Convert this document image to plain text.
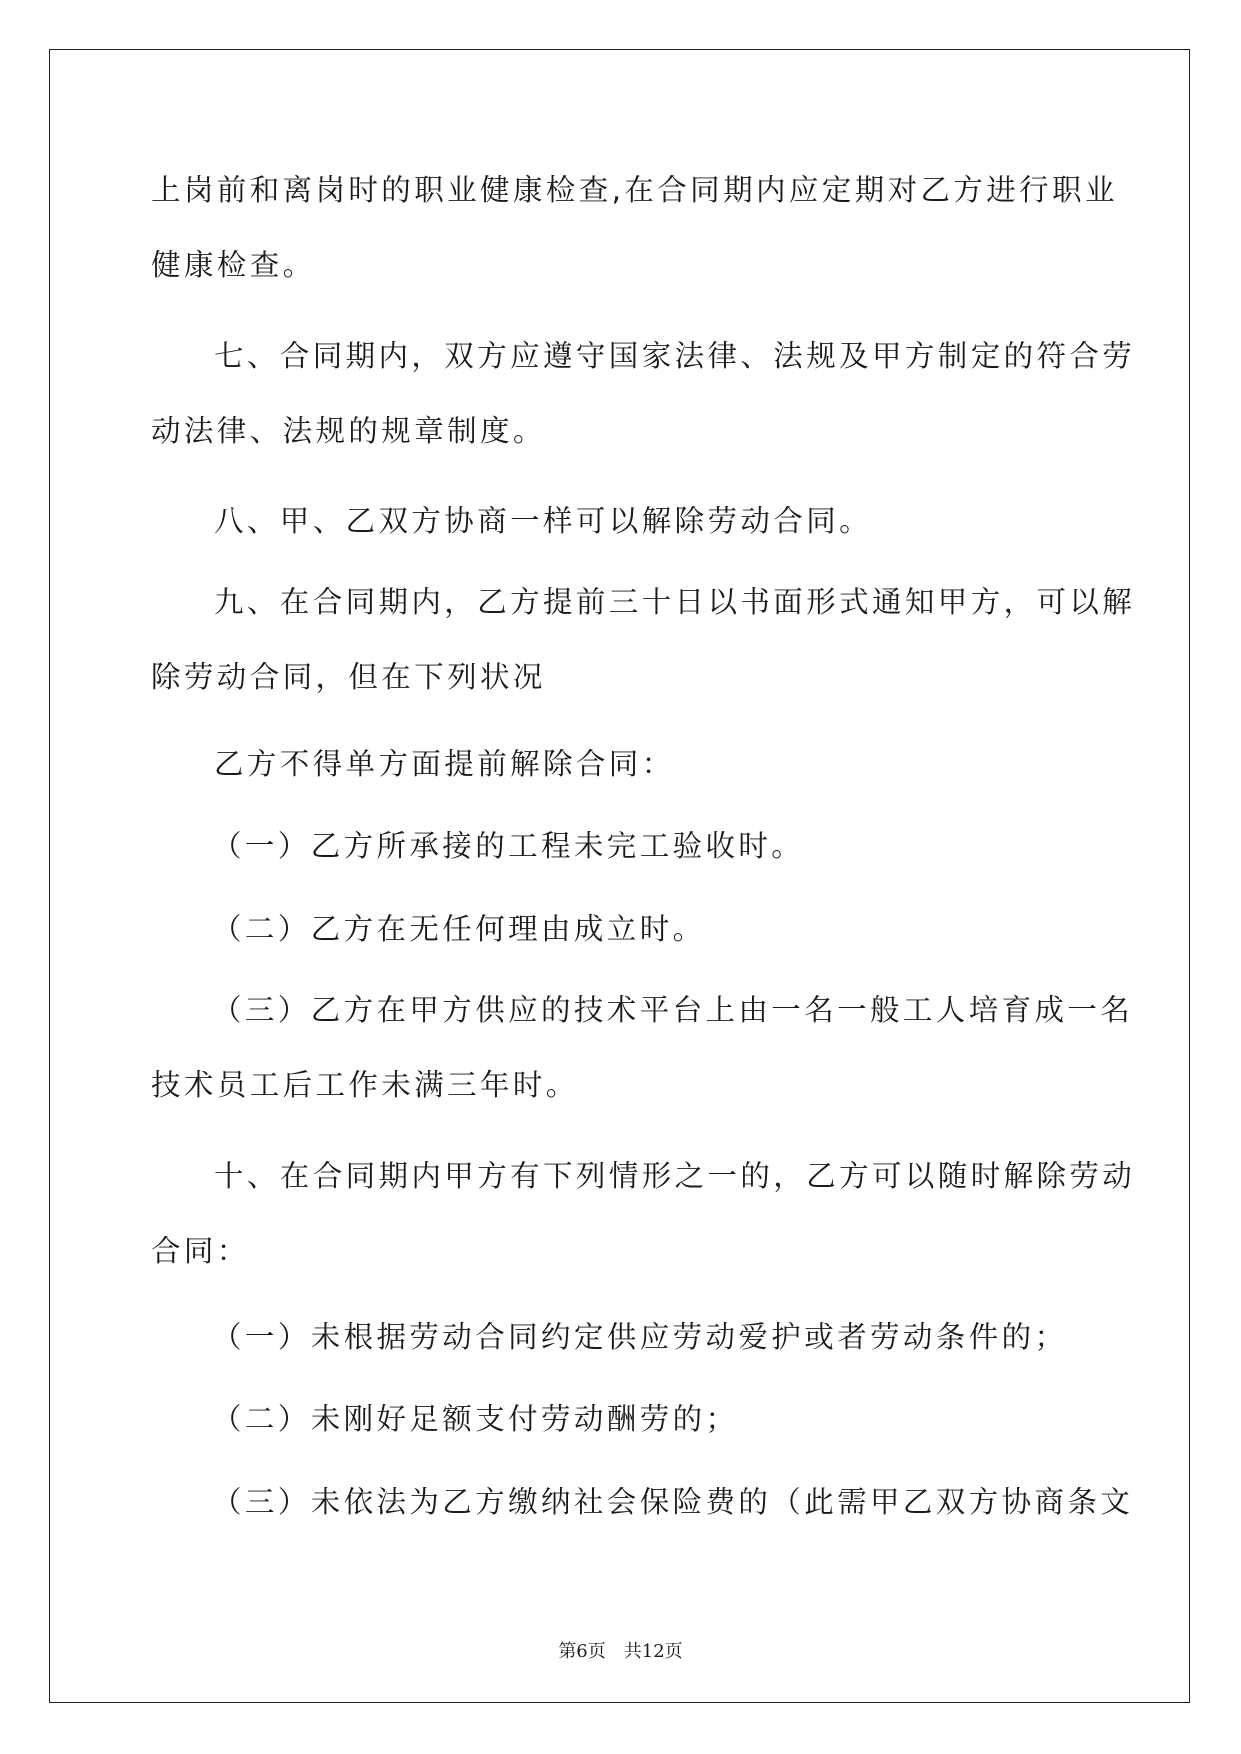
上岗前和离岗时的职业健康检查,在合同期内应定期对乙方进行职业
健康检查。
七、合同期内，双方应遵守国家法律、法规及甲方制定的符合劳
动法律、法规的规章制度。
八、甲、乙双方协商一样可以解除劳动合同。
九、在合同期内，乙方提前三十日以书面形式通知甲方，可以解
除劳动合同，但在下列状况
乙方不得单方面提前解除合同：
（一）乙方所承接的工程未完工验收时。
（二）乙方在无任何理由成立时。
（三）乙方在甲方供应的技术平台上由一名一般工人培育成一名
技术员工后工作未满三年时。
十、在合同期内甲方有下列情形之一的，乙方可以随时解除劳动
合同：
（一）未根据劳动合同约定供应劳动爱护或者劳动条件的；
（二）未刚好足额支付劳动酬劳的；
（三）未依法为乙方缴纳社会保险费的（此需甲乙双方协商条文
第6页 共12页
